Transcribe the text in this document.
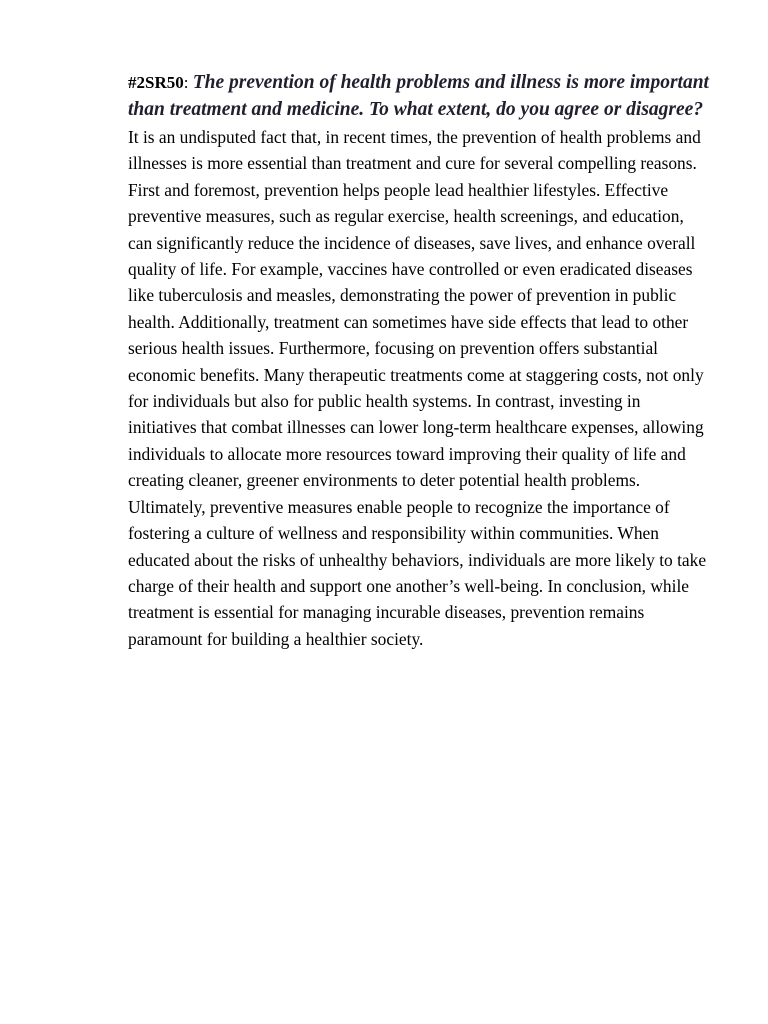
#2SR50: The prevention of health problems and illness is more important than treatment and medicine. To what extent, do you agree or disagree?

It is an undisputed fact that, in recent times, the prevention of health problems and illnesses is more essential than treatment and cure for several compelling reasons. First and foremost, prevention helps people lead healthier lifestyles. Effective preventive measures, such as regular exercise, health screenings, and education, can significantly reduce the incidence of diseases, save lives, and enhance overall quality of life. For example, vaccines have controlled or even eradicated diseases like tuberculosis and measles, demonstrating the power of prevention in public health. Additionally, treatment can sometimes have side effects that lead to other serious health issues. Furthermore, focusing on prevention offers substantial economic benefits. Many therapeutic treatments come at staggering costs, not only for individuals but also for public health systems. In contrast, investing in initiatives that combat illnesses can lower long-term healthcare expenses, allowing individuals to allocate more resources toward improving their quality of life and creating cleaner, greener environments to deter potential health problems. Ultimately, preventive measures enable people to recognize the importance of fostering a culture of wellness and responsibility within communities. When educated about the risks of unhealthy behaviors, individuals are more likely to take charge of their health and support one another’s well-being. In conclusion, while treatment is essential for managing incurable diseases, prevention remains paramount for building a healthier society.
